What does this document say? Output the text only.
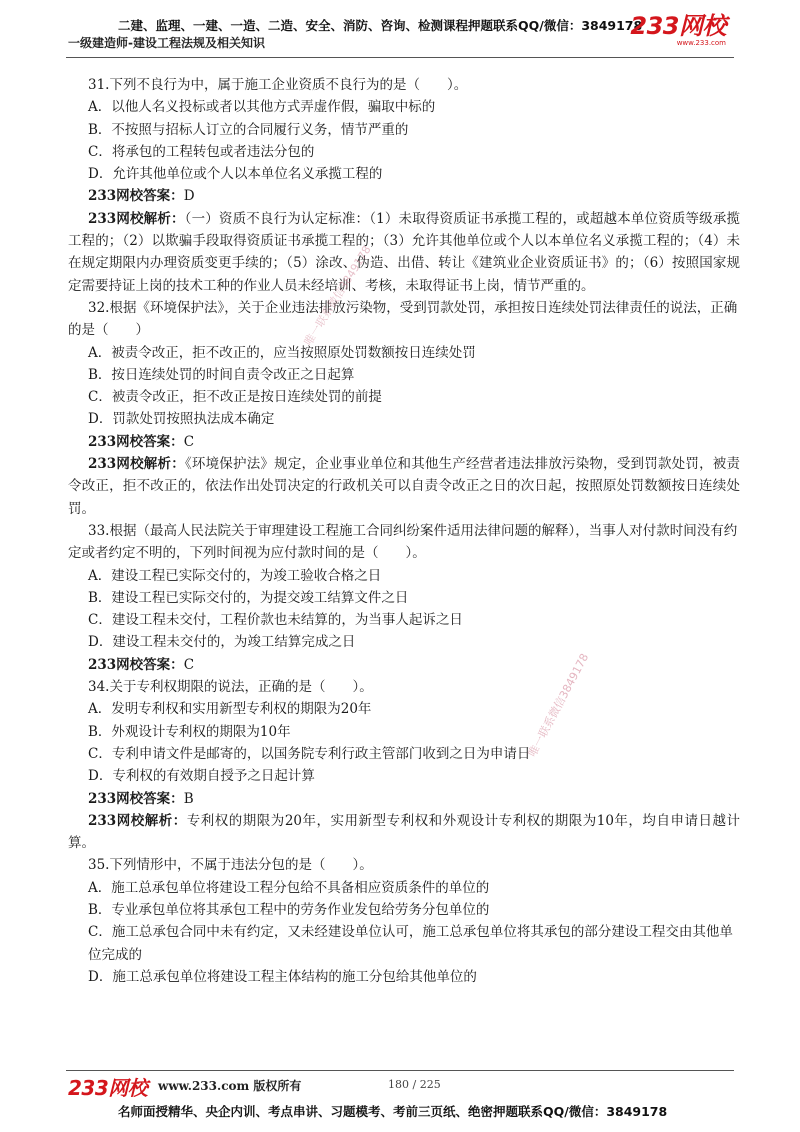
二建、监理、一建、一造、二造、安全、消防、咨询、检测课程押题联系QQ/微信：3849178
一级建造师-建设工程法规及相关知识
233网校
www.233.com

31.下列不良行为中，属于施工企业资质不良行为的是（　　）。

A．以他人名义投标或者以其他方式弄虚作假，骗取中标的

B．不按照与招标人订立的合同履行义务，情节严重的

C．将承包的工程转包或者违法分包的

D．允许其他单位或个人以本单位名义承揽工程的

233网校答案：D

233网校解析：（一）资质不良行为认定标准：（1）未取得资质证书承揽工程的，或超越本单位资质等级承揽工程的；（2）以欺骗手段取得资质证书承揽工程的；（3）允许其他单位或个人以本单位名义承揽工程的；（4）未在规定期限内办理资质变更手续的；（5）涂改、伪造、出借、转让《建筑业企业资质证书》的；（6）按照国家规定需要持证上岗的技术工种的作业人员未经培训、考核，未取得证书上岗，情节严重的。

32.根据《环境保护法》，关于企业违法排放污染物，受到罚款处罚，承担按日连续处罚法律责任的说法，正确的是（　　）

A．被责令改正，拒不改正的，应当按照原处罚数额按日连续处罚

B．按日连续处罚的时间自责令改正之日起算

C．被责令改正，拒不改正是按日连续处罚的前提

D．罚款处罚按照执法成本确定

233网校答案：C

233网校解析：《环境保护法》规定，企业事业单位和其他生产经营者违法排放污染物，受到罚款处罚，被责令改正，拒不改正的，依法作出处罚决定的行政机关可以自责令改正之日的次日起，按照原处罚数额按日连续处罚。

33.根据（最高人民法院关于审理建设工程施工合同纠纷案件适用法律问题的解释），当事人对付款时间没有约定或者约定不明的，下列时间视为应付款时间的是（　　）。

A．建设工程已实际交付的，为竣工验收合格之日

B．建设工程已实际交付的，为提交竣工结算文件之日

C．建设工程未交付，工程价款也未结算的，为当事人起诉之日

D．建设工程未交付的，为竣工结算完成之日

233网校答案：C

34.关于专利权期限的说法，正确的是（　　）。

A．发明专利权和实用新型专利权的期限为20年

B．外观设计专利权的期限为10年

C．专利申请文件是邮寄的，以国务院专利行政主管部门收到之日为申请日

D．专利权的有效期自授予之日起计算

233网校答案：B

233网校解析：专利权的期限为20年，实用新型专利权和外观设计专利权的期限为10年，均自申请日越计算。

35.下列情形中，不属于违法分包的是（　　）。

A．施工总承包单位将建设工程分包给不具备相应资质条件的单位的

B．专业承包单位将其承包工程中的劳务作业发包给劳务分包单位的

C．施工总承包合同中未有约定，又未经建设单位认可，施工总承包单位将其承包的部分建设工程交由其他单位完成的

D．施工总承包单位将建设工程主体结构的施工分包给其他单位的

唯一联系微信3849178
唯一联系微信3849178
233网校 www.233.com 版权所有	180 / 225
名师面授精华、央企内训、考点串讲、习题模考、考前三页纸、绝密押题联系QQ/微信：3849178
